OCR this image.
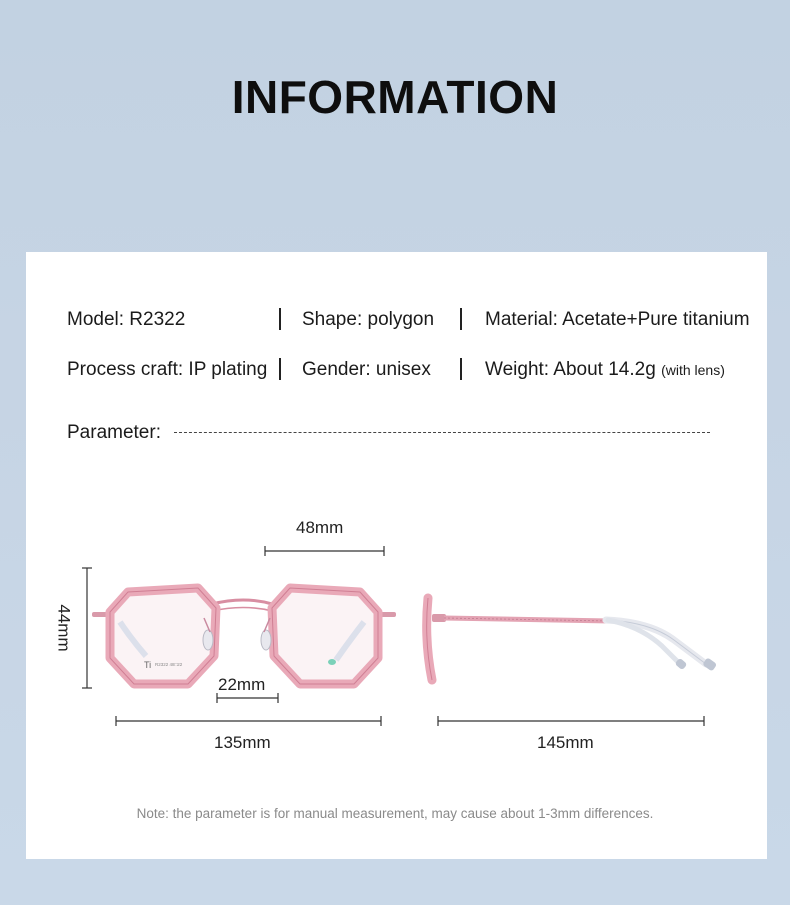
INFORMATION
Model: R2322	Shape: polygon	Material: Acetate+Pure titanium
Process craft: IP plating Gender: unisex	Weight: About 14.2g (with lens)
Parameter:
Ti R2322 48□22
48mm
44mm
22mm
135mm	145mm
Note: the parameter is for manual measurement, may cause about 1-3mm differences.
